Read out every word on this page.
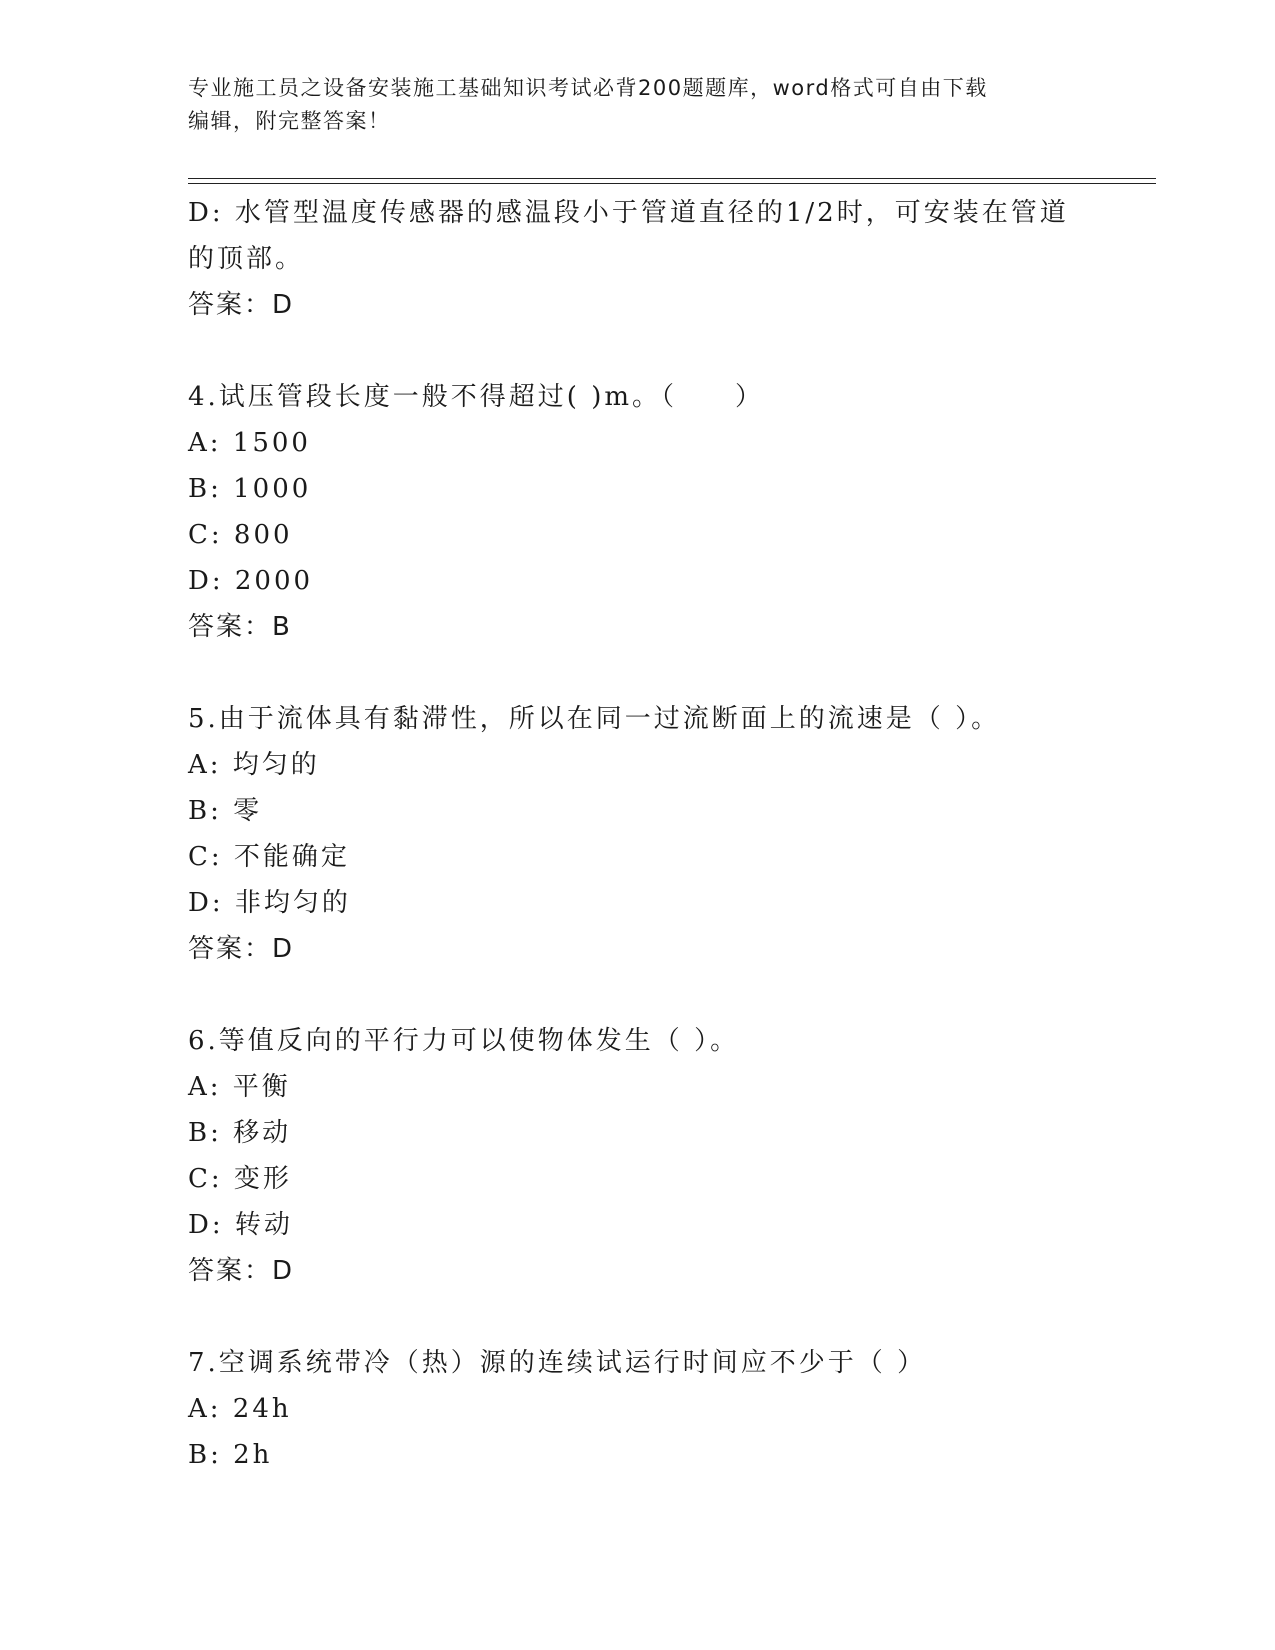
专业施工员之设备安装施工基础知识考试必背200题题库，word格式可自由下载
编辑，附完整答案！
D: 水管型温度传感器的感温段小于管道直径的1/2时，可安装在管道
的顶部。
答案：D
4.试压管段长度一般不得超过( )m。（　　）
A: 1500
B: 1000
C: 800
D: 2000
答案：B
5.由于流体具有黏滞性，所以在同一过流断面上的流速是（ ）。
A: 均匀的
B: 零
C: 不能确定
D: 非均匀的
答案：D
6.等值反向的平行力可以使物体发生（ ）。
A: 平衡
B: 移动
C: 变形
D: 转动
答案：D
7.空调系统带冷（热）源的连续试运行时间应不少于（ ）
A: 24h
B: 2h
